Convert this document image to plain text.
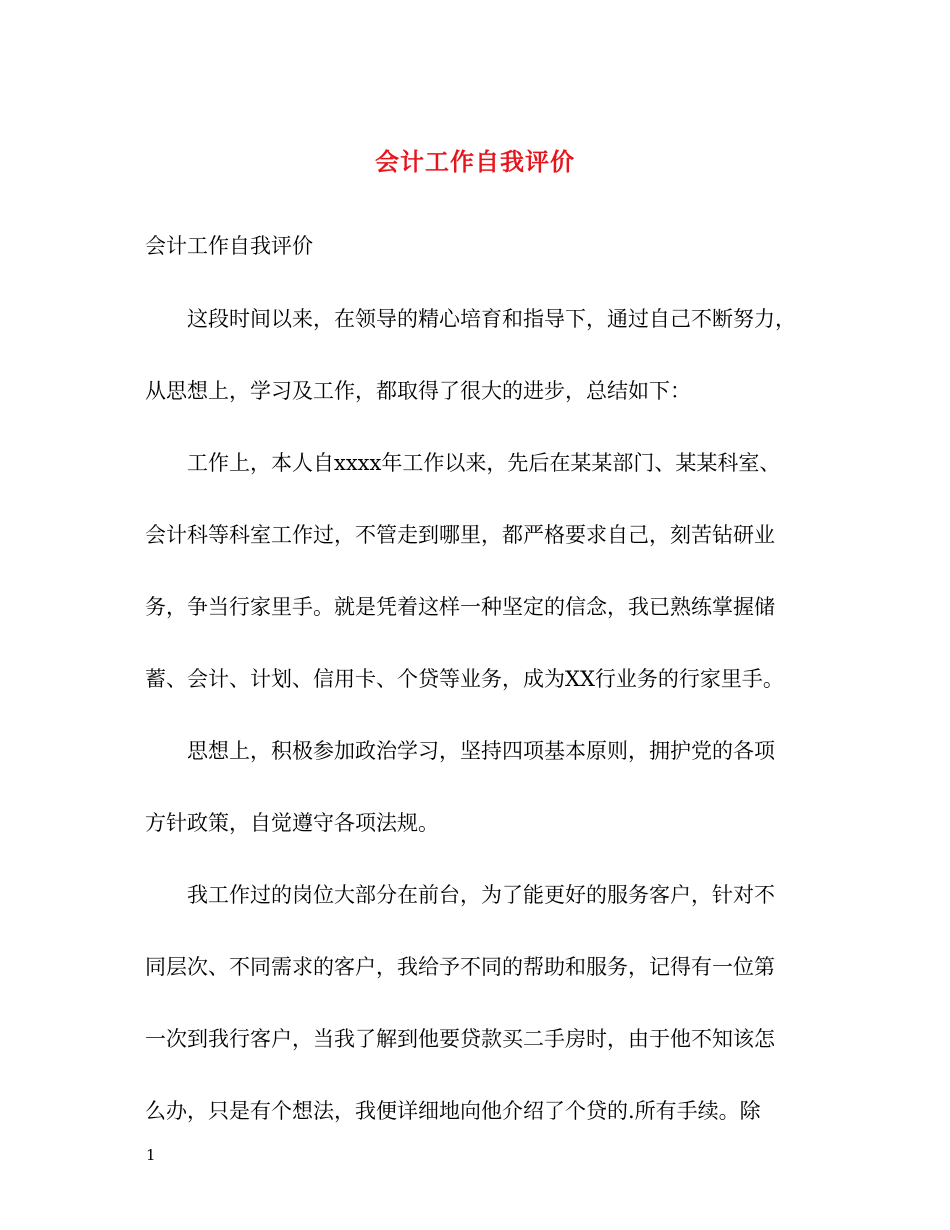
会计工作自我评价
会计工作自我评价
这段时间以来，在领导的精心培育和指导下，通过自己不断努力，
从思想上，学习及工作，都取得了很大的进步，总结如下：
工作上，本人自xxxx年工作以来，先后在某某部门、某某科室、
会计科等科室工作过，不管走到哪里，都严格要求自己，刻苦钻研业
务，争当行家里手。就是凭着这样一种坚定的信念，我已熟练掌握储
蓄、会计、计划、信用卡、个贷等业务，成为XX行业务的行家里手。
思想上，积极参加政治学习，坚持四项基本原则，拥护党的各项
方针政策，自觉遵守各项法规。
我工作过的岗位大部分在前台，为了能更好的服务客户，针对不
同层次、不同需求的客户，我给予不同的帮助和服务，记得有一位第
一次到我行客户，当我了解到他要贷款买二手房时，由于他不知该怎
么办，只是有个想法，我便详细地向他介绍了个贷的.所有手续。除
1
